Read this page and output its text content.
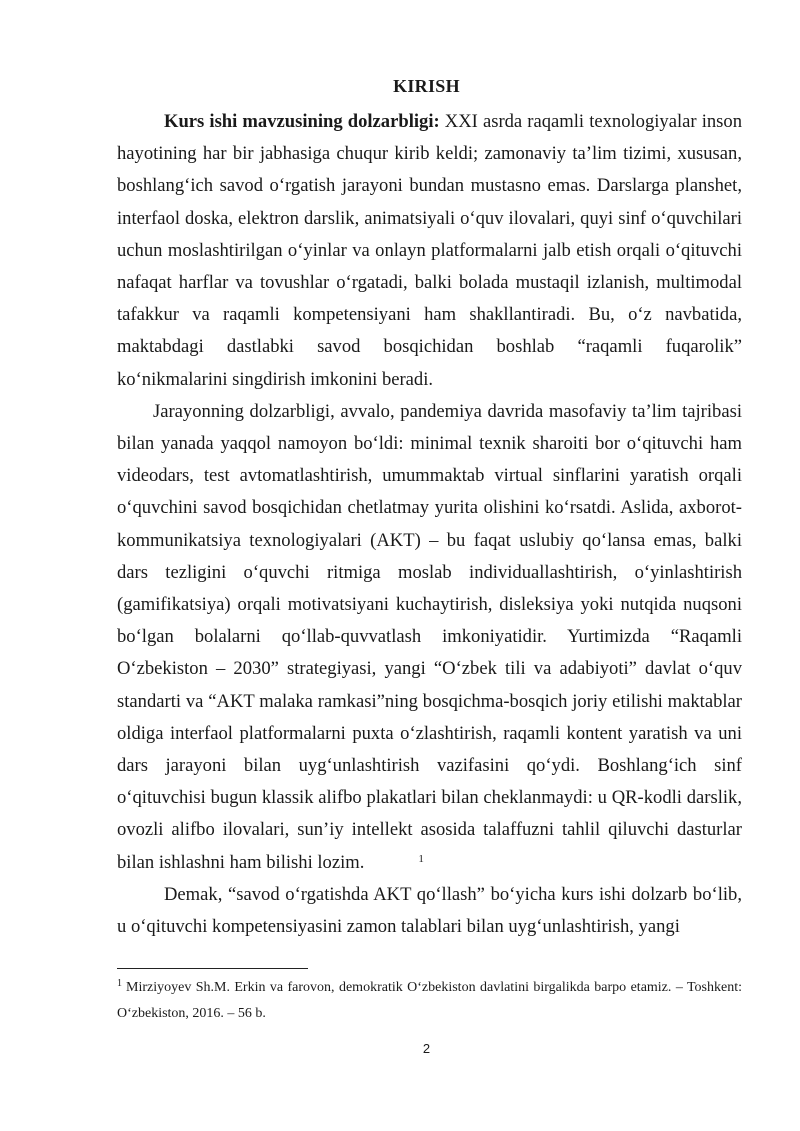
KIRISH

Kurs ishi mavzusining dolzarbligi: XXI asrda raqamli texnologiyalar inson hayotining har bir jabhasiga chuqur kirib keldi; zamonaviy ta’lim tizimi, xususan, boshlang‘ich savod o‘rgatish jarayoni bundan mustasno emas. Darslarga planshet, interfaol doska, elektron darslik, animatsiyali o‘quv ilovalari, quyi sinf o‘quvchilari uchun moslashtirilgan o‘yinlar va onlayn platformalarni jalb etish orqali o‘qituvchi nafaqat harflar va tovushlar o‘rgatadi, balki bolada mustaqil izlanish, multimodal tafakkur va raqamli kompetensiyani ham shakllantiradi. Bu, o‘z navbatida, maktabdagi dastlabki savod bosqichidan boshlab “raqamli fuqarolik” ko‘nikmalarini singdirish imkonini beradi.

Jarayonning dolzarbligi, avvalo, pandemiya davrida masofaviy ta’lim tajribasi bilan yanada yaqqol namoyon bo‘ldi: minimal texnik sharoiti bor o‘qituvchi ham videodars, test avtomatlashtirish, umummaktab virtual sinflarini yaratish orqali o‘quvchini savod bosqichidan chetlatmay yurita olishini ko‘rsatdi. Aslida, axborot-kommunikatsiya texnologiyalari (AKT) – bu faqat uslubiy qo‘lansa emas, balki dars tezligini o‘quvchi ritmiga moslab individuallashtirish, o‘yinlashtirish (gamifikatsiya) orqali motivatsiyani kuchaytirish, disleksiya yoki nutqida nuqsoni bo‘lgan bolalarni qo‘llab-quvvatlash imkoniyatidir. Yurtimizda “Raqamli O‘zbekiston – 2030” strategiyasi, yangi “O‘zbek tili va adabiyoti” davlat o‘quv standarti va “AKT malaka ramkasi”ning bosqichma-bosqich joriy etilishi maktablar oldiga interfaol platformalarni puxta o‘zlashtirish, raqamli kontent yaratish va uni dars jarayoni bilan uyg‘unlashtirish vazifasini qo‘ydi. Boshlang‘ich sinf o‘qituvchisi bugun klassik alifbo plakatlari bilan cheklanmaydi: u QR-kodli darslik, ovozli alifbo ilovalari, sun’iy intellekt asosida talaffuzni tahlil qiluvchi dasturlar bilan ishlashni ham bilishi lozim.	$^1$

Demak, “savod o‘rgatishda AKT qo‘llash” bo‘yicha kurs ishi dolzarb bo‘lib, u o‘qituvchi kompetensiyasini zamon talablari bilan uyg‘unlashtirish, yangi

$^1$ Mirziyoyev Sh.M. Erkin va farovon, demokratik O‘zbekiston davlatini birgalikda barpo etamiz. – Toshkent: O‘zbekiston, 2016. – 56 b.
2
